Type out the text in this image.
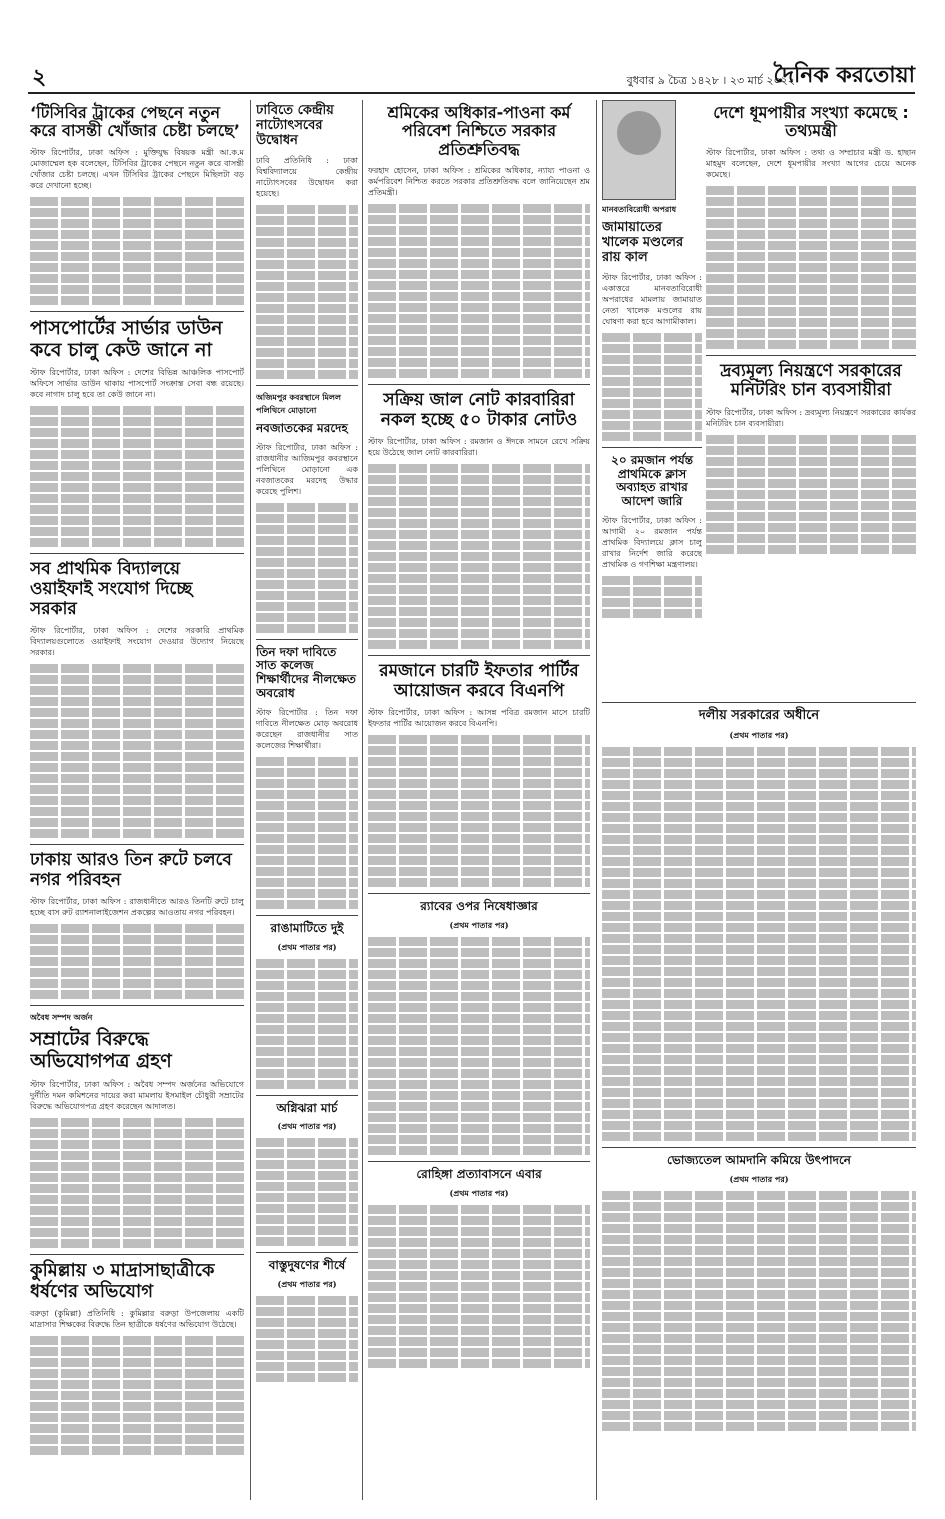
২	বুধবার ৯ চৈত্র ১৪২৮ । ২৩ মার্চ ২০২২
দৈনিক করতোয়া
‘টিসিবির ট্রাকের পেছনে নতুন করে বাসন্তী খোঁজার চেষ্টা চলছে’

স্টাফ রিপোর্টার, ঢাকা অফিস : মুক্তিযুদ্ধ বিষয়ক মন্ত্রী আ.ক.ম মোজাম্মেল হক বলেছেন, টিসিবির ট্রাকের পেছনে নতুন করে বাসন্তী খোঁজার চেষ্টা চলছে। এখন টিসিবির ট্রাকের পেছনে মিছিলটা বড় করে দেখানো হচ্ছে।

পাসপোর্টের সার্ভার ডাউন কবে চালু কেউ জানে না

স্টাফ রিপোর্টার, ঢাকা অফিস : দেশের বিভিন্ন আঞ্চলিক পাসপোর্ট অফিসে সার্ভার ডাউন থাকায় পাসপোর্ট সংক্রান্ত সেবা বন্ধ রয়েছে। কবে নাগাদ চালু হবে তা কেউ জানে না।

সব প্রাথমিক বিদ্যালয়ে ওয়াইফাই সংযোগ দিচ্ছে সরকার

স্টাফ রিপোর্টার, ঢাকা অফিস : দেশের সরকারি প্রাথমিক বিদ্যালয়গুলোতে ওয়াইফাই সংযোগ দেওয়ার উদ্যোগ নিয়েছে সরকার।

ঢাকায় আরও তিন রুটে চলবে নগর পরিবহন

স্টাফ রিপোর্টার, ঢাকা অফিস : রাজধানীতে আরও তিনটি রুটে চালু হচ্ছে বাস রুট র‌্যাশনালাইজেশন প্রকল্পের আওতায় নগর পরিবহন।

অবৈধ সম্পদ অর্জন
সম্রাটের বিরুদ্ধে অভিযোগপত্র গ্রহণ

স্টাফ রিপোর্টার, ঢাকা অফিস : অবৈধ সম্পদ অর্জনের অভিযোগে দুর্নীতি দমন কমিশনের দায়ের করা মামলায় ইসমাইল চৌধুরী সম্রাটের বিরুদ্ধে অভিযোগপত্র গ্রহণ করেছেন আদালত।

কুমিল্লায় ৩ মাদ্রাসাছাত্রীকে ধর্ষণের অভিযোগ

বরুড়া (কুমিল্লা) প্রতিনিধি : কুমিল্লার বরুড়া উপজেলায় একটি মাদ্রাসার শিক্ষকের বিরুদ্ধে তিন ছাত্রীকে ধর্ষণের অভিযোগ উঠেছে।

ঢাবিতে কেন্দ্রীয় নাট্যোৎসবের উদ্বোধন

ঢাবি প্রতিনিধি : ঢাকা বিশ্ববিদ্যালয়ে কেন্দ্রীয় নাট্যোৎসবের উদ্বোধন করা হয়েছে।

অজিমপুর কবরস্থানে মিলল পলিথিনে মোড়ানো
নবজাতকের মরদেহ

স্টাফ রিপোর্টার, ঢাকা অফিস : রাজধানীর আজিমপুর কবরস্থানে পলিথিনে মোড়ানো এক নবজাতকের মরদেহ উদ্ধার করেছে পুলিশ।

তিন দফা দাবিতে সাত কলেজ শিক্ষার্থীদের নীলক্ষেত অবরোধ

স্টাফ রিপোর্টার : তিন দফা দাবিতে নীলক্ষেত মোড় অবরোধ করেছেন রাজধানীর সাত কলেজের শিক্ষার্থীরা।

রাঙামাটিতে দুই
(প্রথম পাতার পর)
অগ্নিঝরা মার্চ
(প্রথম পাতার পর)
বাস্তুদুষণের শীর্ষে
(প্রথম পাতার পর)
শ্রমিকের অধিকার-পাওনা কর্ম পরিবেশ নিশ্চিতে সরকার প্রতিশ্রুতিবদ্ধ

ফরহাদ হোসেন, ঢাকা অফিস : শ্রমিকের অধিকার, ন্যায্য পাওনা ও কর্মপরিবেশ নিশ্চিত করতে সরকার প্রতিশ্রুতিবদ্ধ বলে জানিয়েছেন শ্রম প্রতিমন্ত্রী।

সক্রিয় জাল নোট কারবারিরা নকল হচ্ছে ৫০ টাকার নোটও

স্টাফ রিপোর্টার, ঢাকা অফিস : রমজান ও ঈদকে সামনে রেখে সক্রিয় হয়ে উঠেছে জাল নোট কারবারিরা।

রমজানে চারটি ইফতার পার্টির আয়োজন করবে বিএনপি

স্টাফ রিপোর্টার, ঢাকা অফিস : আসন্ন পবিত্র রমজান মাসে চারটি ইফতার পার্টির আয়োজন করবে বিএনপি।

র‌্যাবের ওপর নিষেধাজ্ঞার
(প্রথম পাতার পর)
রোহিঙ্গা প্রত্যাবাসনে এবার
(প্রথম পাতার পর)
মানবতাবিরোধী অপরাধ
জামায়াতের খালেক মণ্ডলের রায় কাল

স্টাফ রিপোর্টার, ঢাকা অফিস : একাত্তরে মানবতাবিরোধী অপরাধের মামলায় জামায়াত নেতা খালেক মণ্ডলের রায় ঘোষণা করা হবে আগামীকাল।

২০ রমজান পর্যন্ত প্রাথমিকে ক্লাস অব্যাহত রাখার আদেশ জারি

স্টাফ রিপোর্টার, ঢাকা অফিস : আগামী ২০ রমজান পর্যন্ত প্রাথমিক বিদ্যালয়ে ক্লাস চালু রাখার নির্দেশ জারি করেছে প্রাথমিক ও গণশিক্ষা মন্ত্রণালয়।

দেশে ধূমপায়ীর সংখ্যা কমেছে : তথ্যমন্ত্রী

স্টাফ রিপোর্টার, ঢাকা অফিস : তথ্য ও সম্প্রচার মন্ত্রী ড. হাছান মাহমুদ বলেছেন, দেশে ধূমপায়ীর সংখ্যা আগের চেয়ে অনেক কমেছে।

দ্রব্যমূল্য নিয়ন্ত্রণে সরকারের মনিটরিং চান ব্যবসায়ীরা

স্টাফ রিপোর্টার, ঢাকা অফিস : দ্রব্যমূল্য নিয়ন্ত্রণে সরকারের কার্যকর মনিটরিং চান ব্যবসায়ীরা।

দলীয় সরকারের অধীনে
(প্রথম পাতার পর)
ভোজ্যতেল আমদানি কমিয়ে উৎপাদনে
(প্রথম পাতার পর)
